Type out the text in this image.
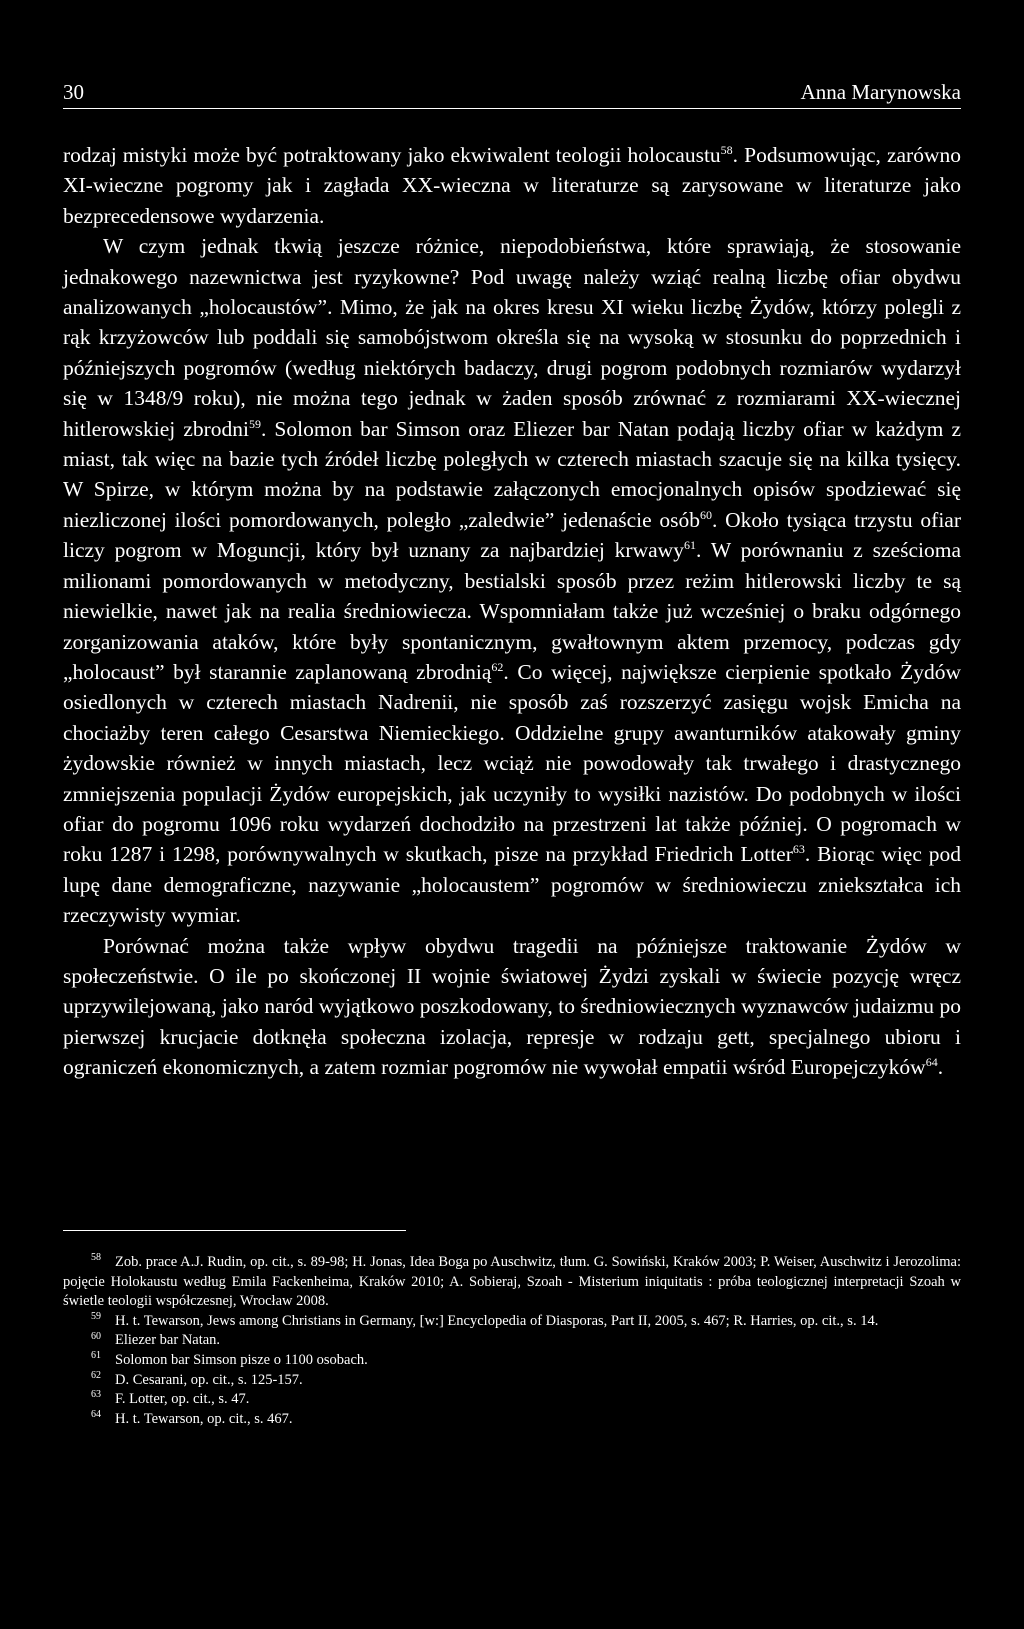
30	Anna Marynowska

rodzaj mistyki może być potraktowany jako ekwiwalent teologii holocaustu$^{58}$. Podsumowując, zarówno XI-wieczne pogromy jak i zagłada XX-wieczna w literaturze są zarysowane w literaturze jako bezprecedensowe wydarzenia.

W czym jednak tkwią jeszcze różnice, niepodobieństwa, które sprawiają, że stosowanie jednakowego nazewnictwa jest ryzykowne? Pod uwagę należy wziąć realną liczbę ofiar obydwu analizowanych „holocaustów”. Mimo, że jak na okres kresu XI wieku liczbę Żydów, którzy polegli z rąk krzyżowców lub poddali się samobójstwom określa się na wysoką w stosunku do poprzednich i późniejszych pogromów (według niektórych badaczy, drugi pogrom podobnych rozmiarów wydarzył się w 1348/9 roku), nie można tego jednak w żaden sposób zrównać z rozmiarami XX-wiecznej hitlerowskiej zbrodni$^{59}$. Solomon bar Simson oraz Eliezer bar Natan podają liczby ofiar w każdym z miast, tak więc na bazie tych źródeł liczbę poległych w czterech miastach szacuje się na kilka tysięcy. W Spirze, w którym można by na podstawie załączonych emocjonalnych opisów spodziewać się niezliczonej ilości pomordowanych, poległo „zaledwie” jedenaście osób$^{60}$. Około tysiąca trzystu ofiar liczy pogrom w Moguncji, który był uznany za najbardziej krwawy$^{61}$. W porównaniu z sześcioma milionami pomordowanych w metodyczny, bestialski sposób przez reżim hitlerowski liczby te są niewielkie, nawet jak na realia średniowiecza. Wspomniałam także już wcześniej o braku odgórnego zorganizowania ataków, które były spontanicznym, gwałtownym aktem przemocy, podczas gdy „holocaust” był starannie zaplanowaną zbrodnią$^{62}$. Co więcej, największe cierpienie spotkało Żydów osiedlonych w czterech miastach Nadrenii, nie sposób zaś rozszerzyć zasięgu wojsk Emicha na chociażby teren całego Cesarstwa Niemieckiego. Oddzielne grupy awanturników atakowały gminy żydowskie również w innych miastach, lecz wciąż nie powodowały tak trwałego i drastycznego zmniejszenia populacji Żydów europejskich, jak uczyniły to wysiłki nazistów. Do podobnych w ilości ofiar do pogromu 1096 roku wydarzeń dochodziło na przestrzeni lat także później. O pogromach w roku 1287 i 1298, porównywalnych w skutkach, pisze na przykład Friedrich Lotter$^{63}$. Biorąc więc pod lupę dane demograficzne, nazywanie „holocaustem” pogromów w średniowieczu zniekształca ich rzeczywisty wymiar.

Porównać można także wpływ obydwu tragedii na późniejsze traktowanie Żydów w społeczeństwie. O ile po skończonej II wojnie światowej Żydzi zyskali w świecie pozycję wręcz uprzywilejowaną, jako naród wyjątkowo poszkodowany, to średniowiecznych wyznawców judaizmu po pierwszej krucjacie dotknęła społeczna izolacja, represje w rodzaju gett, specjalnego ubioru i ograniczeń ekonomicznych, a zatem rozmiar pogromów nie wywołał empatii wśród Europejczyków$^{64}$.

$^{58}$ Zob. prace A.J. Rudin, op. cit., s. 89-98; H. Jonas, Idea Boga po Auschwitz, tłum. G. Sowiński, Kraków 2003; P. Weiser, Auschwitz i Jerozolima: pojęcie Holokaustu według Emila Fackenheima, Kraków 2010; A. Sobieraj, Szoah - Misterium iniquitatis : próba teologicznej interpretacji Szoah w świetle teologii współczesnej, Wrocław 2008.

$^{59}$ H. t. Tewarson, Jews among Christians in Germany, [w:] Encyclopedia of Diasporas, Part II, 2005, s. 467; R. Harries, op. cit., s. 14.

$^{60}$ Eliezer bar Natan.

$^{61}$ Solomon bar Simson pisze o 1100 osobach.

$^{62}$ D. Cesarani, op. cit., s. 125-157.

$^{63}$ F. Lotter, op. cit., s. 47.

$^{64}$ H. t. Tewarson, op. cit., s. 467.
